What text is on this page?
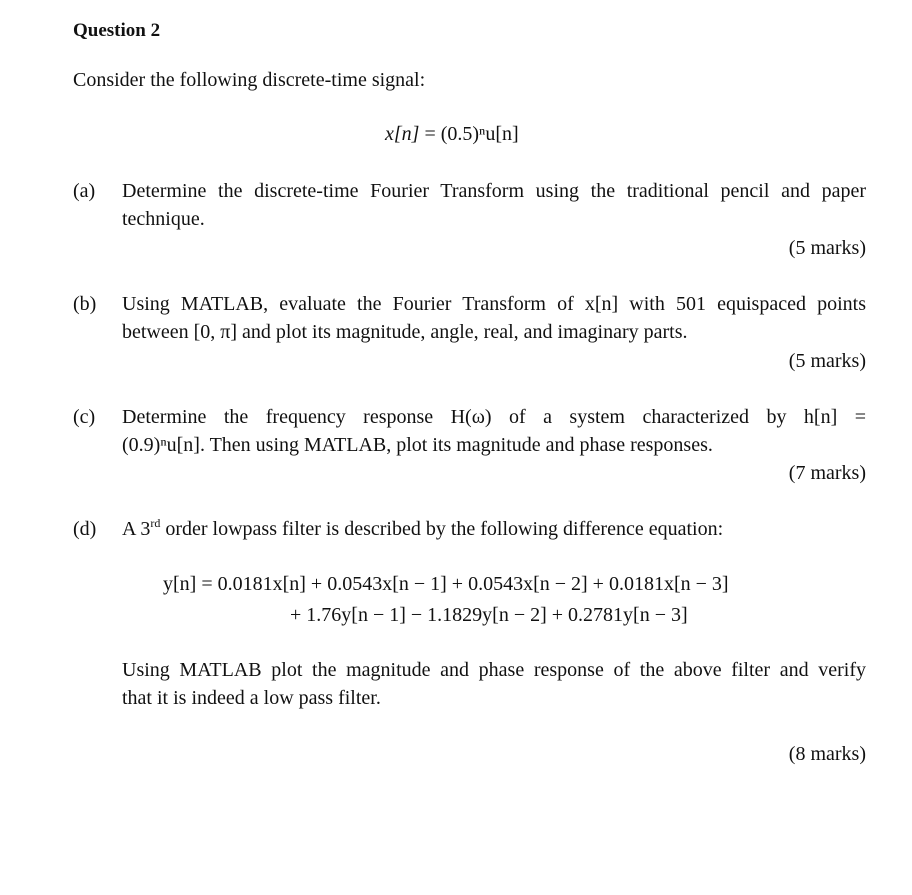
Question 2
Consider the following discrete-time signal:
x[n] = (0.5)ⁿu[n]
(a) Determine the discrete-time Fourier Transform using the traditional pencil and paper
technique.
(5 marks)
(b) Using MATLAB, evaluate the Fourier Transform of x[n] with 501 equispaced points
between [0, π] and plot its magnitude, angle, real, and imaginary parts.
(5 marks)
(c) Determine the frequency response H(ω) of a system characterized by h[n] =
(0.9)ⁿu[n]. Then using MATLAB, plot its magnitude and phase responses.
(7 marks)
(d) A 3rd order lowpass filter is described by the following difference equation:
y[n] = 0.0181x[n] + 0.0543x[n − 1] + 0.0543x[n − 2] + 0.0181x[n − 3]
+ 1.76y[n − 1] − 1.1829y[n − 2] + 0.2781y[n − 3]
Using MATLAB plot the magnitude and phase response of the above filter and verify
that it is indeed a low pass filter.
(8 marks)
